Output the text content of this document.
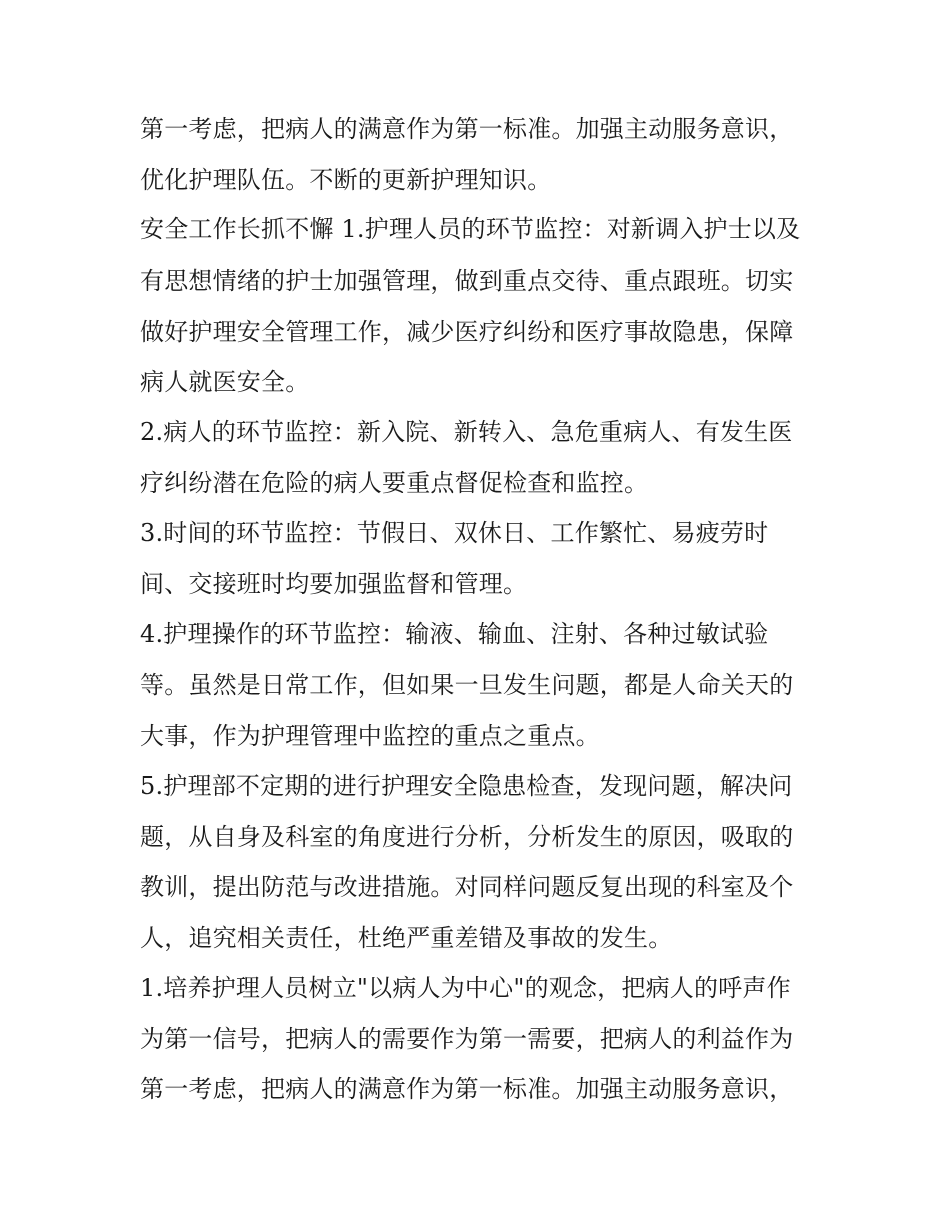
第一考虑，把病人的满意作为第一标准。加强主动服务意识，
优化护理队伍。不断的更新护理知识。
安全工作长抓不懈 1.护理人员的环节监控：对新调入护士以及
有思想情绪的护士加强管理，做到重点交待、重点跟班。切实
做好护理安全管理工作，减少医疗纠纷和医疗事故隐患，保障
病人就医安全。
2.病人的环节监控：新入院、新转入、急危重病人、有发生医
疗纠纷潜在危险的病人要重点督促检查和监控。
3.时间的环节监控：节假日、双休日、工作繁忙、易疲劳时
间、交接班时均要加强监督和管理。
4.护理操作的环节监控：输液、输血、注射、各种过敏试验
等。虽然是日常工作，但如果一旦发生问题，都是人命关天的
大事，作为护理管理中监控的重点之重点。
5.护理部不定期的进行护理安全隐患检查，发现问题，解决问
题，从自身及科室的角度进行分析，分析发生的原因，吸取的
教训，提出防范与改进措施。对同样问题反复出现的科室及个
人，追究相关责任，杜绝严重差错及事故的发生。
1.培养护理人员树立"以病人为中心"的观念，把病人的呼声作
为第一信号，把病人的需要作为第一需要，把病人的利益作为
第一考虑，把病人的满意作为第一标准。加强主动服务意识，
